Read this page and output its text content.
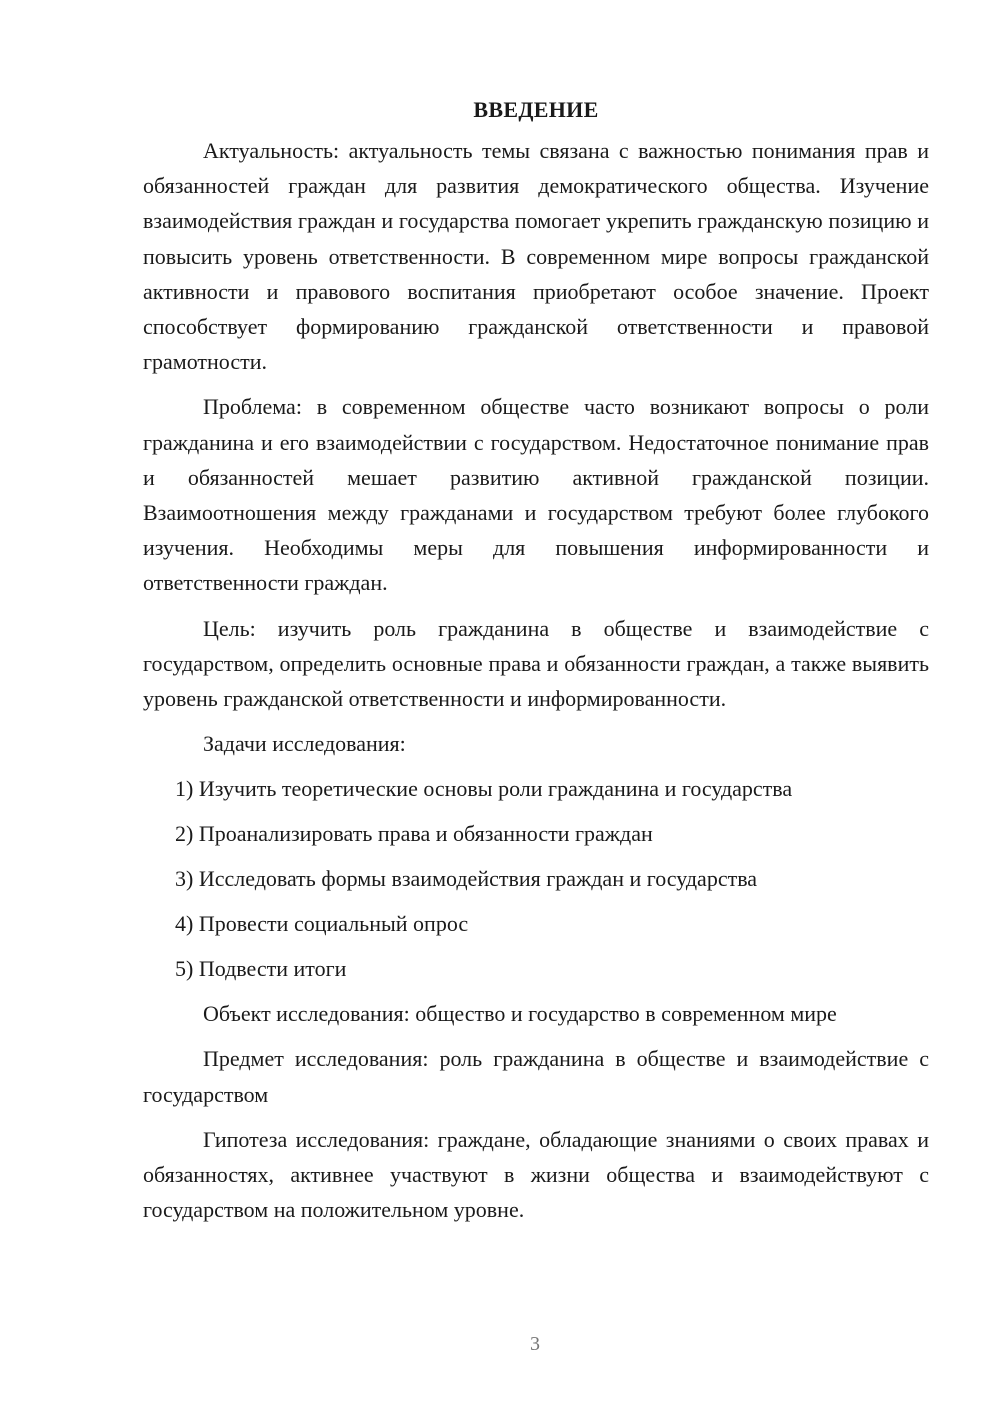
ВВЕДЕНИЕ

Актуальность: актуальность темы связана с важностью понимания прав и обязанностей граждан для развития демократического общества. Изучение взаимодействия граждан и государства помогает укрепить гражданскую позицию и повысить уровень ответственности. В современном мире вопросы гражданской активности и правового воспитания приобретают особое значение. Проект способствует формированию гражданской ответственности и правовой грамотности.

Проблема: в современном обществе часто возникают вопросы о роли гражданина и его взаимодействии с государством. Недостаточное понимание прав и обязанностей мешает развитию активной гражданской позиции. Взаимоотношения между гражданами и государством требуют более глубокого изучения. Необходимы меры для повышения информированности и ответственности граждан.

Цель: изучить роль гражданина в обществе и взаимодействие с государством, определить основные права и обязанности граждан, а также выявить уровень гражданской ответственности и информированности.

Задачи исследования:
1) Изучить теоретические основы роли гражданина и государства
2) Проанализировать права и обязанности граждан
3) Исследовать формы взаимодействия граждан и государства
4) Провести социальный опрос
5) Подвести итоги

Объект исследования: общество и государство в современном мире

Предмет исследования: роль гражданина в обществе и взаимодействие с государством

Гипотеза исследования: граждане, обладающие знаниями о своих правах и обязанностях, активнее участвуют в жизни общества и взаимодействуют с государством на положительном уровне.

3
